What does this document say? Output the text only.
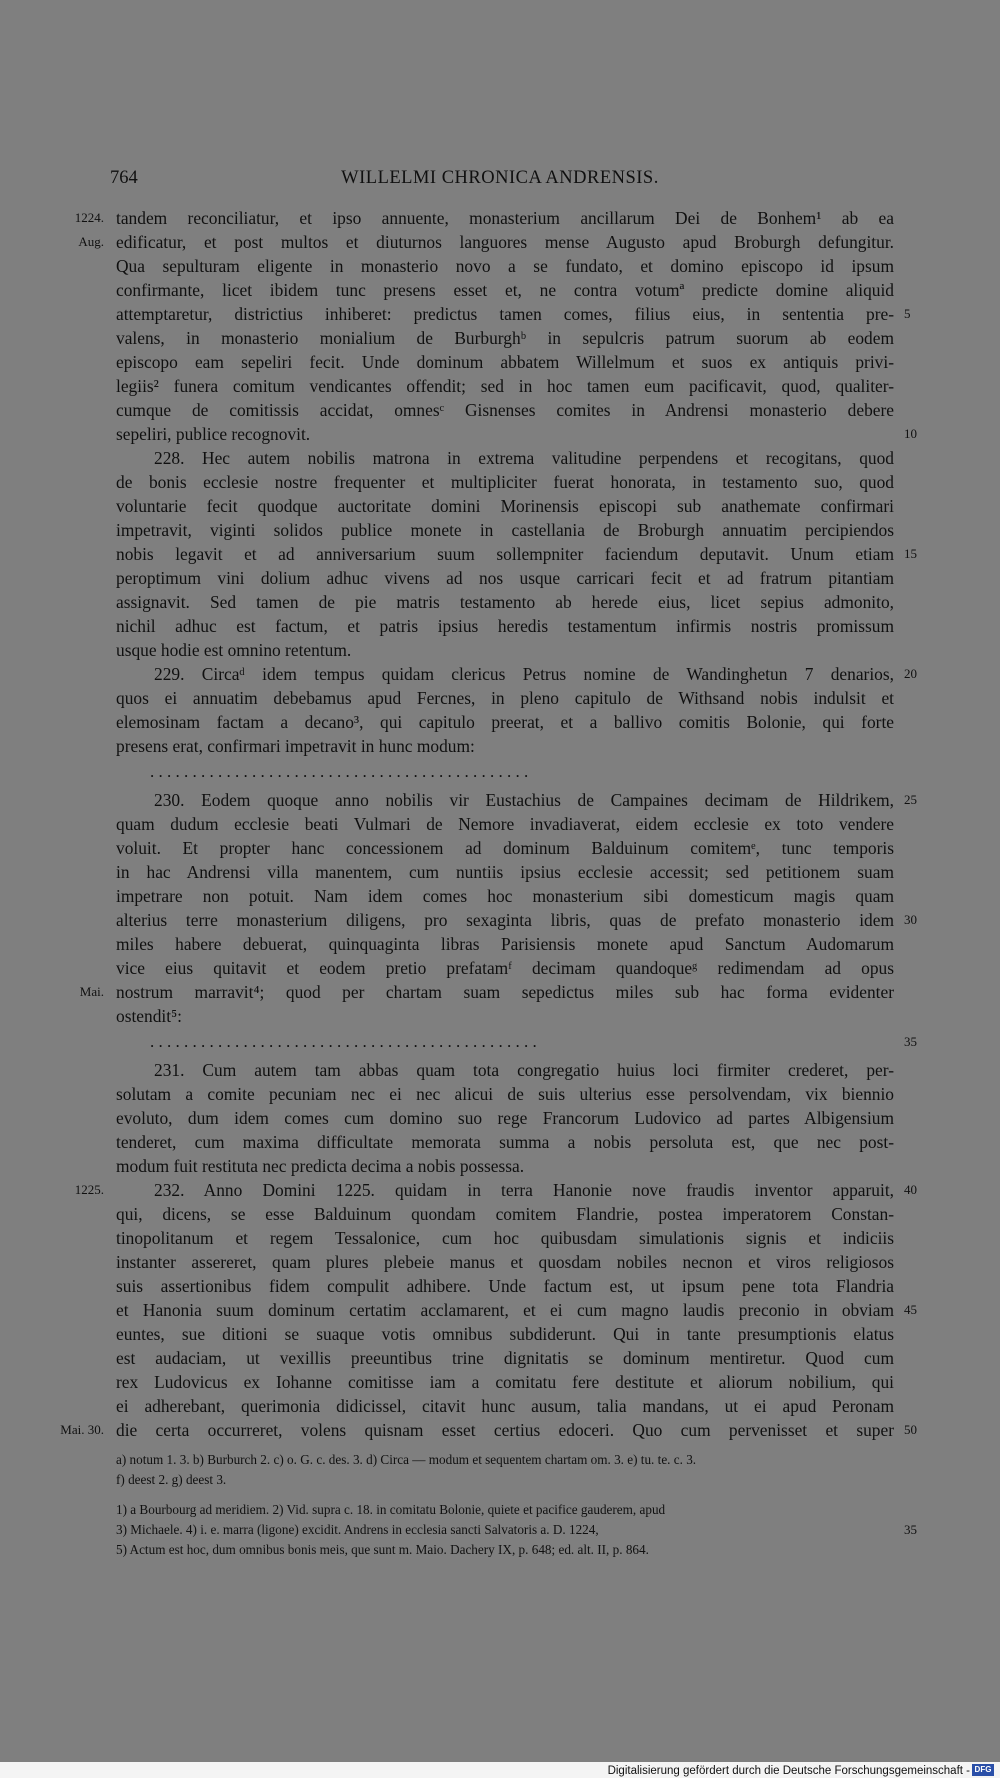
764	WILLELMI CHRONICA ANDRENSIS.
tandem reconciliatur, et ipso annuente, monasterium ancillarum Dei de Bonhem¹ ab ea
1224.
edificatur, et post multos et diuturnos languores mense Augusto apud Broburgh defungitur.
Aug.
Qua sepulturam eligente in monasterio novo a se fundato, et domino episcopo id ipsum
confirmante, licet ibidem tunc presens esset et, ne contra votumª predicte domine aliquid
attemptaretur, districtius inhiberet: predictus tamen comes, filius eius, in sententia pre- 5
valens, in monasterio monialium de Burburghᵇ in sepulcris patrum suorum ab eodem
episcopo eam sepeliri fecit. Unde dominum abbatem Willelmum et suos ex antiquis privi-
legiis² funera comitum vendicantes offendit; sed in hoc tamen eum pacificavit, quod, qualiter-
cumque de comitissis accidat, omnesᶜ Gisnenses comites in Andrensi monasterio debere
sepeliri, publice recognovit.	10
228. Hec autem nobilis matrona in extrema valitudine perpendens et recogitans, quod
de bonis ecclesie nostre frequenter et multipliciter fuerat honorata, in testamento suo, quod
voluntarie fecit quodque auctoritate domini Morinensis episcopi sub anathemate confirmari
impetravit, viginti solidos publice monete in castellania de Broburgh annuatim percipiendos
nobis legavit et ad anniversarium suum sollempniter faciendum deputavit. Unum etiam 15
peroptimum vini dolium adhuc vivens ad nos usque carricari fecit et ad fratrum pitantiam
assignavit. Sed tamen de pie matris testamento ab herede eius, licet sepius admonito,
nichil adhuc est factum, et patris ipsius heredis testamentum infirmis nostris promissum
usque hodie est omnino retentum.
229. Circaᵈ idem tempus quidam clericus Petrus nomine de Wandinghetun 7 denarios, 20
quos ei annuatim debebamus apud Fercnes, in pleno capitulo de Withsand nobis indulsit et
elemosinam factam a decano³, qui capitulo preerat, et a ballivo comitis Bolonie, qui forte
presens erat, confirmari impetravit in hunc modum:
. . . . . . . . . . . . . . . . . . . . . . . . . . . . . . . . . . . . . . . . . . . . .
230. Eodem quoque anno nobilis vir Eustachius de Campaines decimam de Hildrikem, 25
quam dudum ecclesie beati Vulmari de Nemore invadiaverat, eidem ecclesie ex toto vendere
voluit. Et propter hanc concessionem ad dominum Balduinum comitemᵉ, tunc temporis
in hac Andrensi villa manentem, cum nuntiis ipsius ecclesie accessit; sed petitionem suam
impetrare non potuit. Nam idem comes hoc monasterium sibi domesticum magis quam
alterius terre monasterium diligens, pro sexaginta libris, quas de prefato monasterio idem 30
miles habere debuerat, quinquaginta libras Parisiensis monete apud Sanctum Audomarum
vice eius quitavit et eodem pretio prefatamᶠ decimam quandoqueᵍ redimendam ad opus
nostrum marravit⁴; quod per chartam suam sepedictus miles sub hac forma evidenter
Mai.
ostendit⁵:
. . . . . . . . . . . . . . . . . . . . . . . . . . . . . . . . . . . . . . . . . . . . . .	35
231. Cum autem tam abbas quam tota congregatio huius loci firmiter crederet, per-
solutam a comite pecuniam nec ei nec alicui de suis ulterius esse persolvendam, vix biennio
evoluto, dum idem comes cum domino suo rege Francorum Ludovico ad partes Albigensium
tenderet, cum maxima difficultate memorata summa a nobis persoluta est, que nec post-
modum fuit restituta nec predicta decima a nobis possessa.
232. Anno Domini 1225. quidam in terra Hanonie nove fraudis inventor apparuit,
1225.	40
qui, dicens, se esse Balduinum quondam comitem Flandrie, postea imperatorem Constan-
tinopolitanum et regem Tessalonice, cum hoc quibusdam simulationis signis et indiciis
instanter assereret, quam plures plebeie manus et quosdam nobiles necnon et viros religiosos
suis assertionibus fidem compulit adhibere. Unde factum est, ut ipsum pene tota Flandria
et Hanonia suum dominum certatim acclamarent, et ei cum magno laudis preconio in obviam 45
euntes, sue ditioni se suaque votis omnibus subdiderunt. Qui in tante presumptionis elatus
est audaciam, ut vexillis preeuntibus trine dignitatis se dominum mentiretur. Quod cum
rex Ludovicus ex Iohanne comitisse iam a comitatu fere destitute et aliorum nobilium, qui
ei adherebant, querimonia didicissel, citavit hunc ausum, talia mandans, ut ei apud Peronam
die certa occurreret, volens quisnam esset certius edoceri. Quo cum pervenisset et super
Mai. 30.	50
a) notum 1. 3. b) Burburch 2. c) o. G. c. des. 3. d) Circa — modum et sequentem chartam om. 3. e) tu. te. c. 3.
f) deest 2. g) deest 3.
1) a Bourbourg ad meridiem. 2) Vid. supra c. 18. in comitatu Bolonie, quiete et pacifice gauderem, apud
3) Michaele. 4) i. e. marra (ligone) excidit. Andrens in ecclesia sancti Salvatoris a. D. 1224,	35
5) Actum est hoc, dum omnibus bonis meis, que sunt m. Maio. Dachery IX, p. 648; ed. alt. II, p. 864.
Digitalisierung gefördert durch die Deutsche Forschungsgemeinschaft - DFG
